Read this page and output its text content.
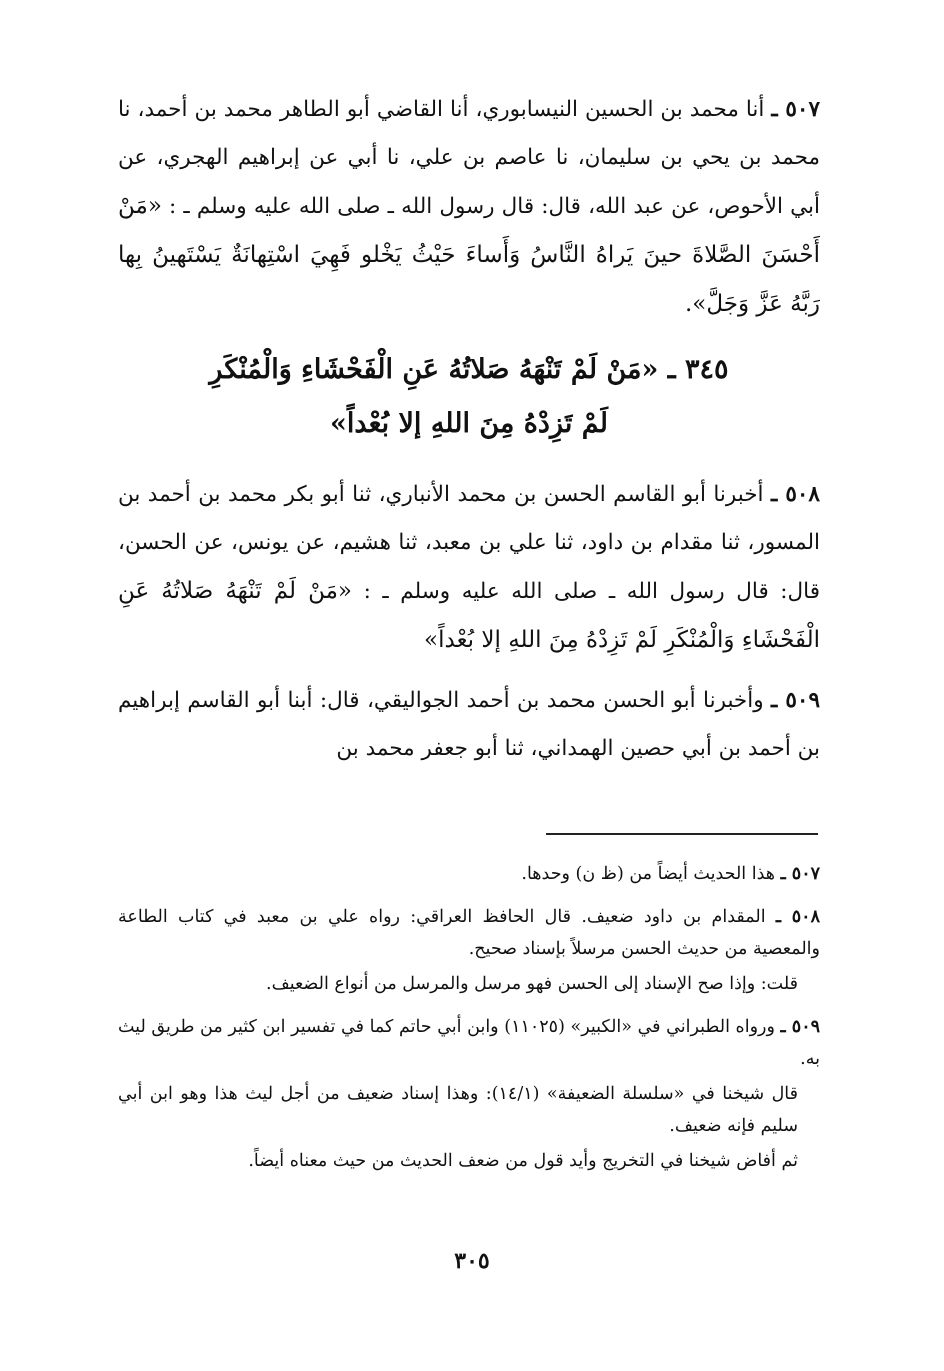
٥٠٧ ـ أنا محمد بن الحسين النيسابوري، أنا القاضي أبو الطاهر محمد بن أحمد، نا محمد بن يحي بن سليمان، نا عاصم بن علي، نا أبي عن إبراهيم الهجري، عن أبي الأحوص، عن عبد الله، قال: قال رسول الله ـ صلى الله عليه وسلم ـ : «مَنْ أَحْسَنَ الصَّلاةَ حينَ يَراهُ النَّاسُ وَأَساءَ حَيْثُ يَخْلو فَهِيَ اسْتِهانَةٌ يَسْتَهينُ بِها رَبَّهُ عَزَّ وَجَلَّ».

٣٤٥ ـ «مَنْ لَمْ تَنْهَهُ صَلاتُهُ عَنِ الْفَحْشَاءِ وَالْمُنْكَرِ
لَمْ تَزِدْهُ مِنَ اللهِ إلا بُعْداً»

٥٠٨ ـ أخبرنا أبو القاسم الحسن بن محمد الأنباري، ثنا أبو بكر محمد بن أحمد بن المسور، ثنا مقدام بن داود، ثنا علي بن معبد، ثنا هشيم، عن يونس، عن الحسن، قال: قال رسول الله ـ صلى الله عليه وسلم ـ : «مَنْ لَمْ تَنْهَهُ صَلاتُهُ عَنِ الْفَحْشَاءِ وَالْمُنْكَرِ لَمْ تَزِدْهُ مِنَ اللهِ إلا بُعْداً»

٥٠٩ ـ وأخبرنا أبو الحسن محمد بن أحمد الجواليقي، قال: أبنا أبو القاسم إبراهيم بن أحمد بن أبي حصين الهمداني، ثنا أبو جعفر محمد بن

٥٠٧ ـ هذا الحديث أيضاً من (ظ ن) وحدها.

٥٠٨ ـ المقدام بن داود ضعيف. قال الحافظ العراقي: رواه علي بن معبد في كتاب الطاعة والمعصية من حديث الحسن مرسلاً بإسناد صحيح.

قلت: وإذا صح الإسناد إلى الحسن فهو مرسل والمرسل من أنواع الضعيف.

٥٠٩ ـ ورواه الطبراني في «الكبير» (١١٠٢٥) وابن أبي حاتم كما في تفسير ابن كثير من طريق ليث به.

قال شيخنا في «سلسلة الضعيفة» (١٤/١): وهذا إسناد ضعيف من أجل ليث هذا وهو ابن أبي سليم فإنه ضعيف.

ثم أفاض شيخنا في التخريج وأيد قول من ضعف الحديث من حيث معناه أيضاً.

٣٠٥
